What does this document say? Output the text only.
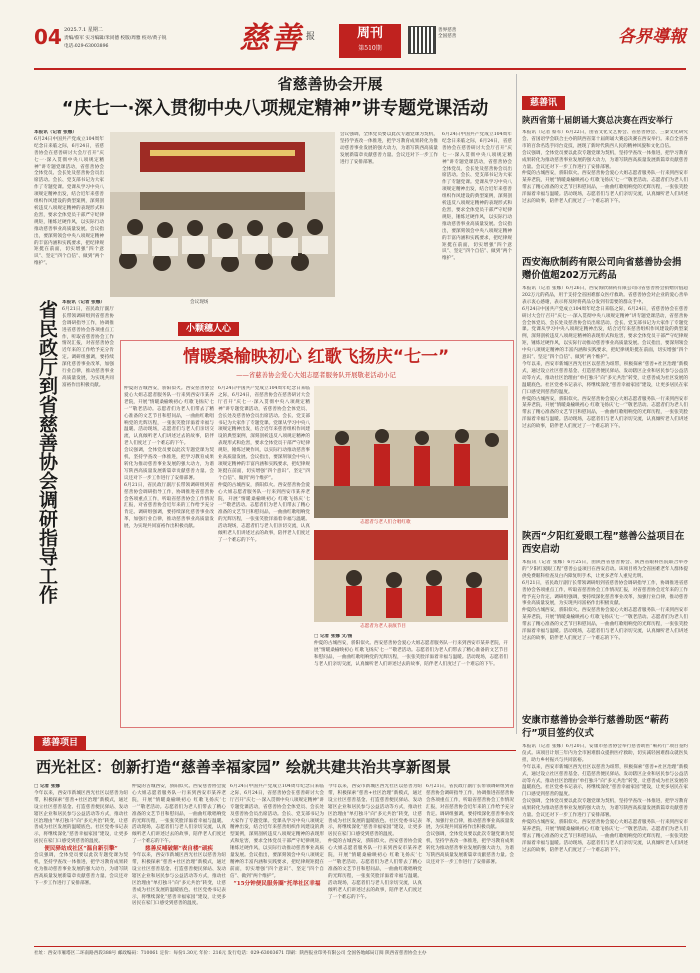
04 2025.7.1 星期二
责编/蔡军 实习编辑/米同德 校版/周雅 校对/黄子锐
电话:029-63003896	慈善 报	周刊
第510期
善界慈善 全国慈善	各界導報
省民政厅到省慈善协会调研指导工作 本报讯（记者 张娜）
6月21日，省民政厅副厅长带领调研组到省慈善协会调研指导工作，协调推进省慈善协会各项重点工作，听取省慈善协会工作情况汇报，对省慈善协会近年来的工作给予充分肯定。调研组强调，要持续深化慈善事业改革，加强行业自律，推动慈善事业高质量发展，为实现共同富裕作出积极贡献。
省慈善协会开展
“庆七一·深入贯彻中央八项规定精神”讲专题党课活动
本报讯（记者 张娜）
6月24日中国共产党成立104周年纪念日来临之际，6月24日，省慈善协会在慈善研讨大会厅召开“庆七一·深入贯彻中央八项规定精神”讲专题党课活动，省慈善协会全体党员、会长处及慈善协会员出席活动。会长、党支部书记为大家作了专题党课。党课从学习中央八项规定精神出发，结合近年来慈善组织作风建设的典型案例，深刻剖析违反八项规定精神的表现形式和危害，要求全体党员干部严守纪律规矩，锤炼过硬作风，以实际行动推动慈善事业高质量发展。会议指出，要深刻领会中央八项规定精神的丰富内涵和实践要求，把纪律规矩挺在前面，切实增强“四个意识”、坚定“四个自信”、做到“两个维护”。
会议现场
会议强调，全体党员要以此次专题党课为契机，坚持学查改一体推进，把学习教育成果转化为推动慈善事业发展的强大动力，为谱写陕西高质量发展新篇章贡献慈善力量。会议还对下一步工作进行了安排部署。
6月24日中国共产党成立104周年纪念日来临之际，6月24日，省慈善协会在慈善研讨大会厅召开“庆七一·深入贯彻中央八项规定精神”讲专题党课活动，省慈善协会全体党员、会长处及慈善协会员出席活动。会长、党支部书记为大家作了专题党课。党课从学习中央八项规定精神出发，结合近年来慈善组织作风建设的典型案例，深刻剖析违反八项规定精神的表现形式和危害，要求全体党员干部严守纪律规矩，锤炼过硬作风，以实际行动推动慈善事业高质量发展。会议指出，要深刻领会中央八项规定精神的丰富内涵和实践要求，把纪律规矩挺在前面，切实增强“四个意识”、坚定“四个自信”、做到“两个维护”。
小颗穗人心
情暖桑榆映初心 红歌飞扬庆“七一”
——省慈善协会爱心大姐志愿者服务队开展敬老活动小记
仲夏的古城西安，骄阳似火。西安慈善协会爱心大姐志愿者服务队一行来到西安市某养老院，开展“情暖桑榆映初心 红歌飞扬庆‘七一’”敬老活动。志愿者们为老人们带去了精心准备的文艺节目和慰问品，一曲曲红歌唱响党的光辉历程，一张张笑脸洋溢着幸福与温暖。活动现场，志愿者们与老人们亲切交流，认真倾听老人们讲述过去的故事，陪伴老人们度过了一个难忘的下午。
会议强调，全体党员要以此次专题党课为契机，坚持学查改一体推进，把学习教育成果转化为推动慈善事业发展的强大动力，为谱写陕西高质量发展新篇章贡献慈善力量。会议还对下一步工作进行了安排部署。
6月21日，省民政厅副厅长带领调研组到省慈善协会调研指导工作，协调推进省慈善协会各项重点工作，听取省慈善协会工作情况汇报，对省慈善协会近年来的工作给予充分肯定。调研组强调，要持续深化慈善事业改革，加强行业自律，推动慈善事业高质量发展，为实现共同富裕作出积极贡献。
6月24日中国共产党成立104周年纪念日来临之际，6月24日，省慈善协会在慈善研讨大会厅召开“庆七一·深入贯彻中央八项规定精神”讲专题党课活动，省慈善协会全体党员、会长处及慈善协会员出席活动。会长、党支部书记为大家作了专题党课。党课从学习中央八项规定精神出发，结合近年来慈善组织作风建设的典型案例，深刻剖析违反八项规定精神的表现形式和危害，要求全体党员干部严守纪律规矩，锤炼过硬作风，以实际行动推动慈善事业高质量发展。会议指出，要深刻领会中央八项规定精神的丰富内涵和实践要求，把纪律规矩挺在前面，切实增强“四个意识”、坚定“四个自信”、做到“两个维护”。
仲夏的古城西安，骄阳似火。西安慈善协会爱心大姐志愿者服务队一行来到西安市某养老院，开展“情暖桑榆映初心 红歌飞扬庆‘七一’”敬老活动。志愿者们为老人们带去了精心准备的文艺节目和慰问品，一曲曲红歌唱响党的光辉历程，一张张笑脸洋溢着幸福与温暖。活动现场，志愿者们与老人们亲切交流，认真倾听老人们讲述过去的故事，陪伴老人们度过了一个难忘的下午。
志愿者与老人们合唱红歌
志愿者为老人表演节目
□ 记者 张娜 文/图
仲夏的古城西安，骄阳似火。西安慈善协会爱心大姐志愿者服务队一行来到西安市某养老院，开展“情暖桑榆映初心 红歌飞扬庆‘七一’”敬老活动。志愿者们为老人们带去了精心准备的文艺节目和慰问品，一曲曲红歌唱响党的光辉历程，一张张笑脸洋溢着幸福与温暖。活动现场，志愿者们与老人们亲切交流，认真倾听老人们讲述过去的故事，陪伴老人们度过了一个难忘的下午。
慈善讯
陕西省第十届朗诵大赛总决赛在西安举行
本报讯（记者 蔡军）6月22日，由省文化文艺协会、省慈善协会、三秦文化研究会、省国语学会联合主办的陕西省第十届朗诵大赛总决赛在西安举行。来自全省各市的百余名选手同台竞技，展现了新时代陕西人民的精神风貌和文化自信。
会议强调，全体党员要以此次专题党课为契机，坚持学查改一体推进，把学习教育成果转化为推动慈善事业发展的强大动力，为谱写陕西高质量发展新篇章贡献慈善力量。会议还对下一步工作进行了安排部署。
仲夏的古城西安，骄阳似火。西安慈善协会爱心大姐志愿者服务队一行来到西安市某养老院，开展“情暖桑榆映初心 红歌飞扬庆‘七一’”敬老活动。志愿者们为老人们带去了精心准备的文艺节目和慰问品，一曲曲红歌唱响党的光辉历程，一张张笑脸洋溢着幸福与温暖。活动现场，志愿者们与老人们亲切交流，认真倾听老人们讲述过去的故事，陪伴老人们度过了一个难忘的下午。
西安海欣制药有限公司向省慈善协会捐赠价值超202万元药品
本报讯（记者 张娜）6月26日，西安海欣制药有限公司向省慈善协会捐赠价值超202万元的药品，用于支持全省困难群众医疗救助。省慈善协会对企业的爱心善举表示衷心感谢，表示将及时将药品分发到有需要的群众手中。
6月24日中国共产党成立104周年纪念日来临之际，6月24日，省慈善协会在慈善研讨大会厅召开“庆七一·深入贯彻中央八项规定精神”讲专题党课活动，省慈善协会全体党员、会长处及慈善协会员出席活动。会长、党支部书记为大家作了专题党课。党课从学习中央八项规定精神出发，结合近年来慈善组织作风建设的典型案例，深刻剖析违反八项规定精神的表现形式和危害，要求全体党员干部严守纪律规矩，锤炼过硬作风，以实际行动推动慈善事业高质量发展。会议指出，要深刻领会中央八项规定精神的丰富内涵和实践要求，把纪律规矩挺在前面，切实增强“四个意识”、坚定“四个自信”、做到“两个维护”。
今年以来，西安市新城区西光社区以慈善为纽带，积极探索“慈善+社区治理”新模式，通过设立社区慈善基金、打造慈善便民驿站、发动辖区企业和居民参与公益活动等方式，推动社区治理由“单打独斗”向“多元共治”转变，让慈善成为社区发展的温暖底色。社区党委书记表示，将继续深化“慈善幸福家园”建设，让更多居民在家门口感受到慈善的温度。
仲夏的古城西安，骄阳似火。西安慈善协会爱心大姐志愿者服务队一行来到西安市某养老院，开展“情暖桑榆映初心 红歌飞扬庆‘七一’”敬老活动。志愿者们为老人们带去了精心准备的文艺节目和慰问品，一曲曲红歌唱响党的光辉历程，一张张笑脸洋溢着幸福与温暖。活动现场，志愿者们与老人们亲切交流，认真倾听老人们讲述过去的故事，陪伴老人们度过了一个难忘的下午。
陕西“夕阳红爱眼工程”慈善公益项目在西安启动
本报讯（记者 张娜）6月25日，由陕西省慈善协会、陕西省眼科医院联合举办的“夕阳红爱眼工程”慈善公益项目在西安启动。该项目将为全省困难老年人群体提供免费眼科检查及白内障复明手术，让更多老年人重见光明。
6月21日，省民政厅副厅长带领调研组到省慈善协会调研指导工作，协调推进省慈善协会各项重点工作，听取省慈善协会工作情况汇报，对省慈善协会近年来的工作给予充分肯定。调研组强调，要持续深化慈善事业改革，加强行业自律，推动慈善事业高质量发展，为实现共同富裕作出积极贡献。
仲夏的古城西安，骄阳似火。西安慈善协会爱心大姐志愿者服务队一行来到西安市某养老院，开展“情暖桑榆映初心 红歌飞扬庆‘七一’”敬老活动。志愿者们为老人们带去了精心准备的文艺节目和慰问品，一曲曲红歌唱响党的光辉历程，一张张笑脸洋溢着幸福与温暖。活动现场，志愿者们与老人们亲切交流，认真倾听老人们讲述过去的故事，陪伴老人们度过了一个难忘的下午。
安康市慈善协会举行慈善助医“蕲药行”项目签约仪式
本报讯（记者 张娜）6月20日，安康市慈善协会举行慈善助医“蕲药行”项目签约仪式。该项目计划三年内为全市困难群众提供医疗救助，切实减轻困难群众就医负担，助力乡村振兴与共同富裕。
今年以来，西安市新城区西光社区以慈善为纽带，积极探索“慈善+社区治理”新模式，通过设立社区慈善基金、打造慈善便民驿站、发动辖区企业和居民参与公益活动等方式，推动社区治理由“单打独斗”向“多元共治”转变，让慈善成为社区发展的温暖底色。社区党委书记表示，将继续深化“慈善幸福家园”建设，让更多居民在家门口感受到慈善的温度。
会议强调，全体党员要以此次专题党课为契机，坚持学查改一体推进，把学习教育成果转化为推动慈善事业发展的强大动力，为谱写陕西高质量发展新篇章贡献慈善力量。会议还对下一步工作进行了安排部署。
仲夏的古城西安，骄阳似火。西安慈善协会爱心大姐志愿者服务队一行来到西安市某养老院，开展“情暖桑榆映初心 红歌飞扬庆‘七一’”敬老活动。志愿者们为老人们带去了精心准备的文艺节目和慰问品，一曲曲红歌唱响党的光辉历程，一张张笑脸洋溢着幸福与温暖。活动现场，志愿者们与老人们亲切交流，认真倾听老人们讲述过去的故事，陪伴老人们度过了一个难忘的下午。
慈善项目
西光社区：创新打造“慈善幸福家园” 绘就共建共治共享新图景
□ 记者 张娜
今年以来，西安市新城区西光社区以慈善为纽带，积极探索“慈善+社区治理”新模式，通过设立社区慈善基金、打造慈善便民驿站、发动辖区企业和居民参与公益活动等方式，推动社区治理由“单打独斗”向“多元共治”转变，让慈善成为社区发展的温暖底色。社区党委书记表示，将继续深化“慈善幸福家园”建设，让更多居民在家门口感受到慈善的温度。
便民驿站成社区“温自新引擎”
会议强调，全体党员要以此次专题党课为契机，坚持学查改一体推进，把学习教育成果转化为推动慈善事业发展的强大动力，为谱写陕西高质量发展新篇章贡献慈善力量。会议还对下一步工作进行了安排部署。
仲夏的古城西安，骄阳似火。西安慈善协会爱心大姐志愿者服务队一行来到西安市某养老院，开展“情暖桑榆映初心 红歌飞扬庆‘七一’”敬老活动。志愿者们为老人们带去了精心准备的文艺节目和慰问品，一曲曲红歌唱响党的光辉历程，一张张笑脸洋溢着幸福与温暖。活动现场，志愿者们与老人们亲切交流，认真倾听老人们讲述过去的故事，陪伴老人们度过了一个难忘的下午。
慈善反哺破解“表自楼”顽疾
今年以来，西安市新城区西光社区以慈善为纽带，积极探索“慈善+社区治理”新模式，通过设立社区慈善基金、打造慈善便民驿站、发动辖区企业和居民参与公益活动等方式，推动社区治理由“单打独斗”向“多元共治”转变，让慈善成为社区发展的温暖底色。社区党委书记表示，将继续深化“慈善幸福家园”建设，让更多居民在家门口感受到慈善的温度。
6月24日中国共产党成立104周年纪念日来临之际，6月24日，省慈善协会在慈善研讨大会厅召开“庆七一·深入贯彻中央八项规定精神”讲专题党课活动，省慈善协会全体党员、会长处及慈善协会员出席活动。会长、党支部书记为大家作了专题党课。党课从学习中央八项规定精神出发，结合近年来慈善组织作风建设的典型案例，深刻剖析违反八项规定精神的表现形式和危害，要求全体党员干部严守纪律规矩，锤炼过硬作风，以实际行动推动慈善事业高质量发展。会议指出，要深刻领会中央八项规定精神的丰富内涵和实践要求，把纪律规矩挺在前面，切实增强“四个意识”、坚定“四个自信”、做到“两个维护”。
“15分钟便民服务圈”托举社区幸福
今年以来，西安市新城区西光社区以慈善为纽带，积极探索“慈善+社区治理”新模式，通过设立社区慈善基金、打造慈善便民驿站、发动辖区企业和居民参与公益活动等方式，推动社区治理由“单打独斗”向“多元共治”转变，让慈善成为社区发展的温暖底色。社区党委书记表示，将继续深化“慈善幸福家园”建设，让更多居民在家门口感受到慈善的温度。
仲夏的古城西安，骄阳似火。西安慈善协会爱心大姐志愿者服务队一行来到西安市某养老院，开展“情暖桑榆映初心 红歌飞扬庆‘七一’”敬老活动。志愿者们为老人们带去了精心准备的文艺节目和慰问品，一曲曲红歌唱响党的光辉历程，一张张笑脸洋溢着幸福与温暖。活动现场，志愿者们与老人们亲切交流，认真倾听老人们讲述过去的故事，陪伴老人们度过了一个难忘的下午。
6月21日，省民政厅副厅长带领调研组到省慈善协会调研指导工作，协调推进省慈善协会各项重点工作，听取省慈善协会工作情况汇报，对省慈善协会近年来的工作给予充分肯定。调研组强调，要持续深化慈善事业改革，加强行业自律，推动慈善事业高质量发展，为实现共同富裕作出积极贡献。
会议强调，全体党员要以此次专题党课为契机，坚持学查改一体推进，把学习教育成果转化为推动慈善事业发展的强大动力，为谱写陕西高质量发展新篇章贡献慈善力量。会议还对下一步工作进行了安排部署。
社址：西安市雁塔区二环南路西段388号 邮政编码：710061 定价：每份1.30元 年价：216元 发行电话：029-63003671 印刷：陕西报业印务有限公司 全国各地邮局订阅 陕西省慈善协会主办
